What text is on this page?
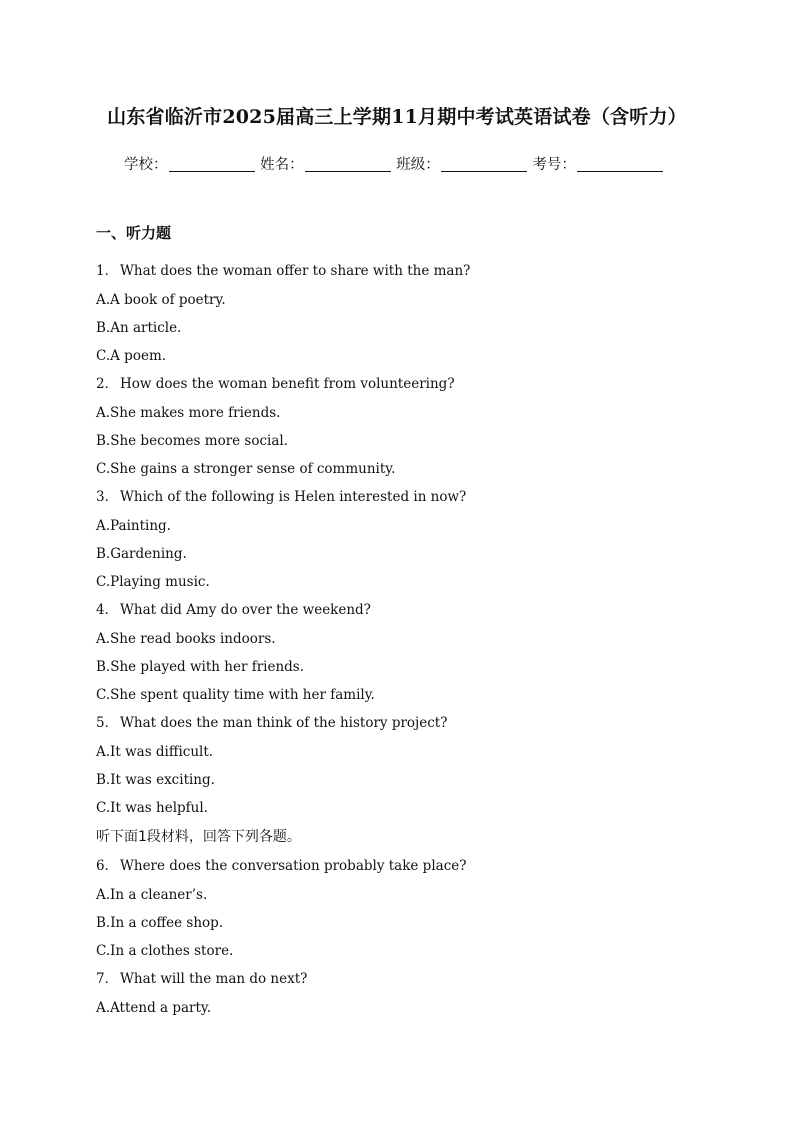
山东省临沂市2025届高三上学期11月期中考试英语试卷（含听力）
学校：	姓名：	班级：	考号：
一、听力题
1． What does the woman offer to share with the man?
A.A book of poetry.
B.An article.
C.A poem.
2． How does the woman benefit from volunteering?
A.She makes more friends.
B.She becomes more social.
C.She gains a stronger sense of community.
3． Which of the following is Helen interested in now?
A.Painting.
B.Gardening.
C.Playing music.
4． What did Amy do over the weekend?
A.She read books indoors.
B.She played with her friends.
C.She spent quality time with her family.
5． What does the man think of the history project?
A.It was difficult.
B.It was exciting.
C.It was helpful.
听下面1段材料，回答下列各题。
6． Where does the conversation probably take place?
A.In a cleaner’s.
B.In a coffee shop.
C.In a clothes store.
7． What will the man do next?
A.Attend a party.
